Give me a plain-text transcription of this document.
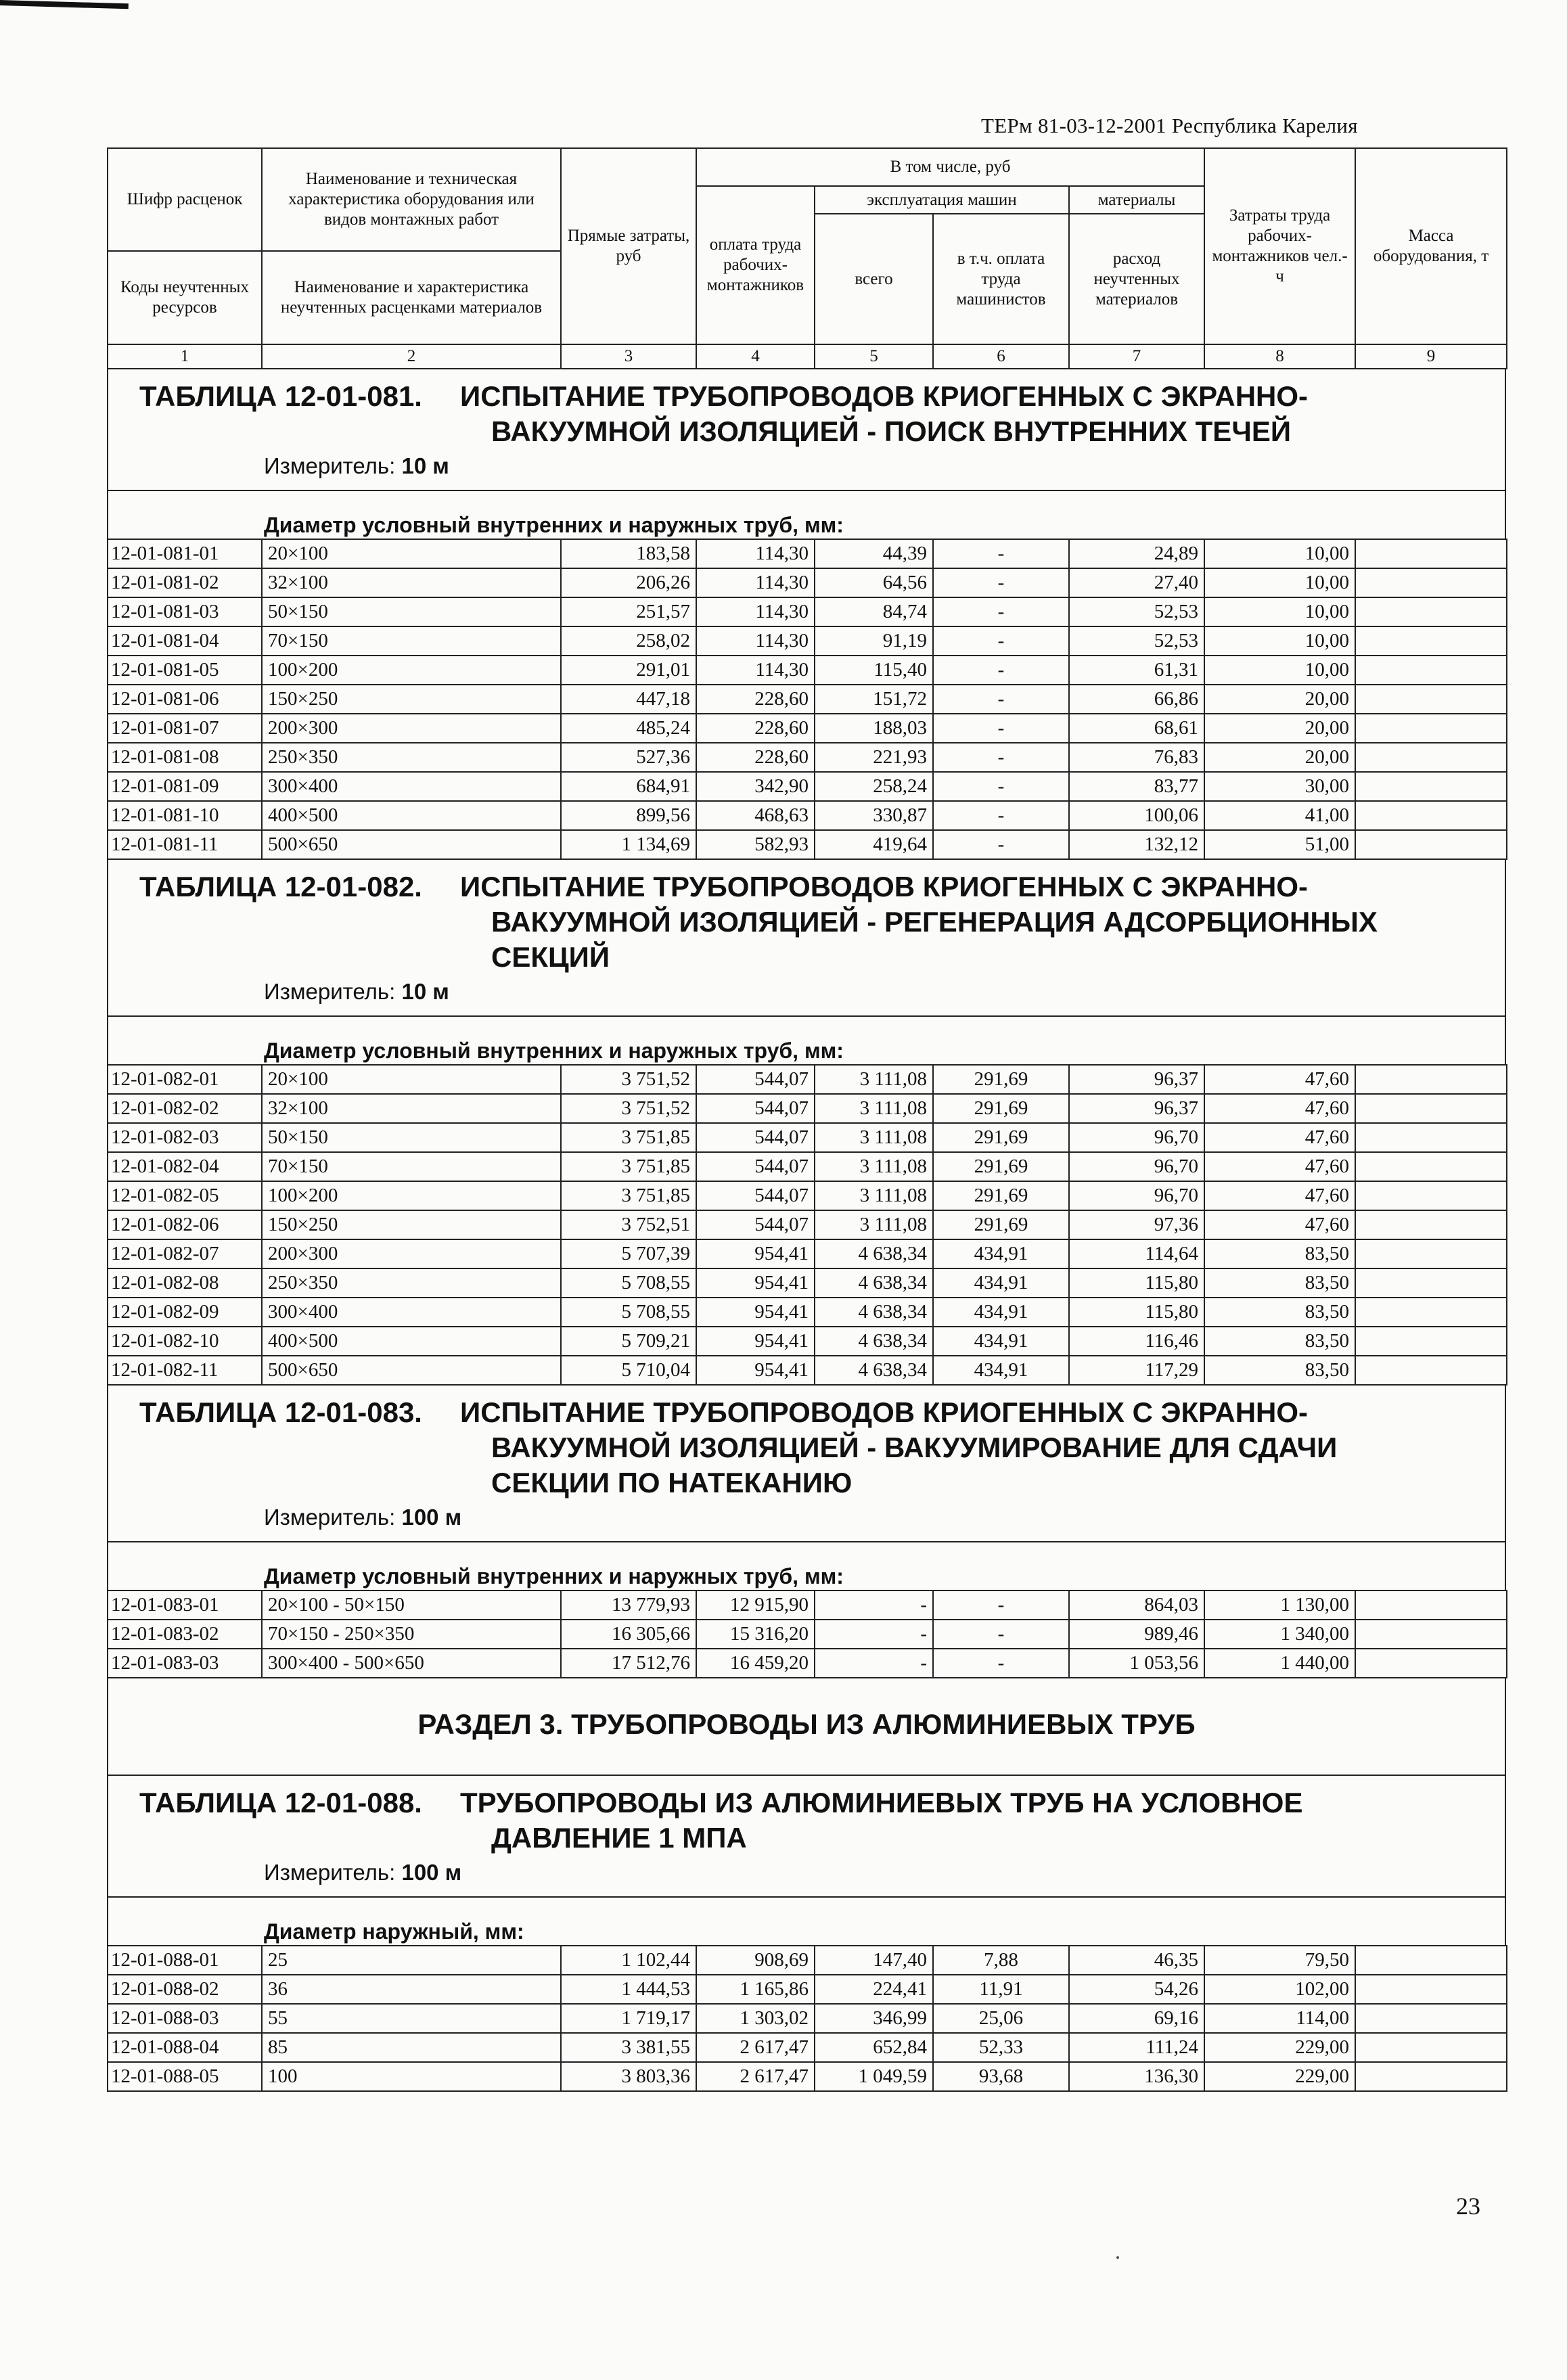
ТЕРм 81-03-12-2001 Республика Карелия
Шифр расценок	Наименование и техническая характеристика оборудования или видов монтажных работ	Прямые затраты, руб	В том числе, руб				Затраты труда рабочих-монтажников чел.-ч	Масса оборудования, т
			оплата труда рабочих-монтажников	эксплуатация машин		материалы		
				всего	в т.ч. оплата труда машинистов	расход неучтенных материалов		
Коды неучтенных ресурсов	Наименование и характеристика неучтенных расценками материалов							

1	2	3	4	5	6	7	8	9
ТАБЛИЦА 12-01-081. ИСПЫТАНИЕ ТРУБОПРОВОДОВ КРИОГЕННЫХ С ЭКРАННО-
ВАКУУМНОЙ ИЗОЛЯЦИЕЙ - ПОИСК ВНУТРЕННИХ ТЕЧЕЙ
Измеритель: 10 м
Диаметр условный внутренних и наружных труб, мм:
12-01-081-01	20×100	183,58	114,30	44,39	-	24,89	10,00	
12-01-081-02	32×100	206,26	114,30	64,56	-	27,40	10,00	
12-01-081-03	50×150	251,57	114,30	84,74	-	52,53	10,00	
12-01-081-04	70×150	258,02	114,30	91,19	-	52,53	10,00	
12-01-081-05	100×200	291,01	114,30	115,40	-	61,31	10,00	
12-01-081-06	150×250	447,18	228,60	151,72	-	66,86	20,00	
12-01-081-07	200×300	485,24	228,60	188,03	-	68,61	20,00	
12-01-081-08	250×350	527,36	228,60	221,93	-	76,83	20,00	
12-01-081-09	300×400	684,91	342,90	258,24	-	83,77	30,00	
12-01-081-10	400×500	899,56	468,63	330,87	-	100,06	41,00	
12-01-081-11	500×650	1 134,69	582,93	419,64	-	132,12	51,00	
ТАБЛИЦА 12-01-082. ИСПЫТАНИЕ ТРУБОПРОВОДОВ КРИОГЕННЫХ С ЭКРАННО-
ВАКУУМНОЙ ИЗОЛЯЦИЕЙ - РЕГЕНЕРАЦИЯ АДСОРБЦИОННЫХ
СЕКЦИЙ
Измеритель: 10 м
Диаметр условный внутренних и наружных труб, мм:
12-01-082-01	20×100	3 751,52	544,07	3 111,08	291,69	96,37	47,60	
12-01-082-02	32×100	3 751,52	544,07	3 111,08	291,69	96,37	47,60	
12-01-082-03	50×150	3 751,85	544,07	3 111,08	291,69	96,70	47,60	
12-01-082-04	70×150	3 751,85	544,07	3 111,08	291,69	96,70	47,60	
12-01-082-05	100×200	3 751,85	544,07	3 111,08	291,69	96,70	47,60	
12-01-082-06	150×250	3 752,51	544,07	3 111,08	291,69	97,36	47,60	
12-01-082-07	200×300	5 707,39	954,41	4 638,34	434,91	114,64	83,50	
12-01-082-08	250×350	5 708,55	954,41	4 638,34	434,91	115,80	83,50	
12-01-082-09	300×400	5 708,55	954,41	4 638,34	434,91	115,80	83,50	
12-01-082-10	400×500	5 709,21	954,41	4 638,34	434,91	116,46	83,50	
12-01-082-11	500×650	5 710,04	954,41	4 638,34	434,91	117,29	83,50	
ТАБЛИЦА 12-01-083. ИСПЫТАНИЕ ТРУБОПРОВОДОВ КРИОГЕННЫХ С ЭКРАННО-
ВАКУУМНОЙ ИЗОЛЯЦИЕЙ - ВАКУУМИРОВАНИЕ ДЛЯ СДАЧИ
СЕКЦИИ ПО НАТЕКАНИЮ
Измеритель: 100 м
Диаметр условный внутренних и наружных труб, мм:
12-01-083-01	20×100 - 50×150	13 779,93	12 915,90	-	-	864,03	1 130,00	
12-01-083-02	70×150 - 250×350	16 305,66	15 316,20	-	-	989,46	1 340,00	
12-01-083-03	300×400 - 500×650	17 512,76	16 459,20	-	-	1 053,56	1 440,00	
РАЗДЕЛ 3. ТРУБОПРОВОДЫ ИЗ АЛЮМИНИЕВЫХ ТРУБ
ТАБЛИЦА 12-01-088. ТРУБОПРОВОДЫ ИЗ АЛЮМИНИЕВЫХ ТРУБ НА УСЛОВНОЕ
ДАВЛЕНИЕ 1 МПА
Измеритель: 100 м
Диаметр наружный, мм:
12-01-088-01	25	1 102,44	908,69	147,40	7,88	46,35	79,50	
12-01-088-02	36	1 444,53	1 165,86	224,41	11,91	54,26	102,00	
12-01-088-03	55	1 719,17	1 303,02	346,99	25,06	69,16	114,00	
12-01-088-04	85	3 381,55	2 617,47	652,84	52,33	111,24	229,00	
12-01-088-05	100	3 803,36	2 617,47	1 049,59	93,68	136,30	229,00	
23
